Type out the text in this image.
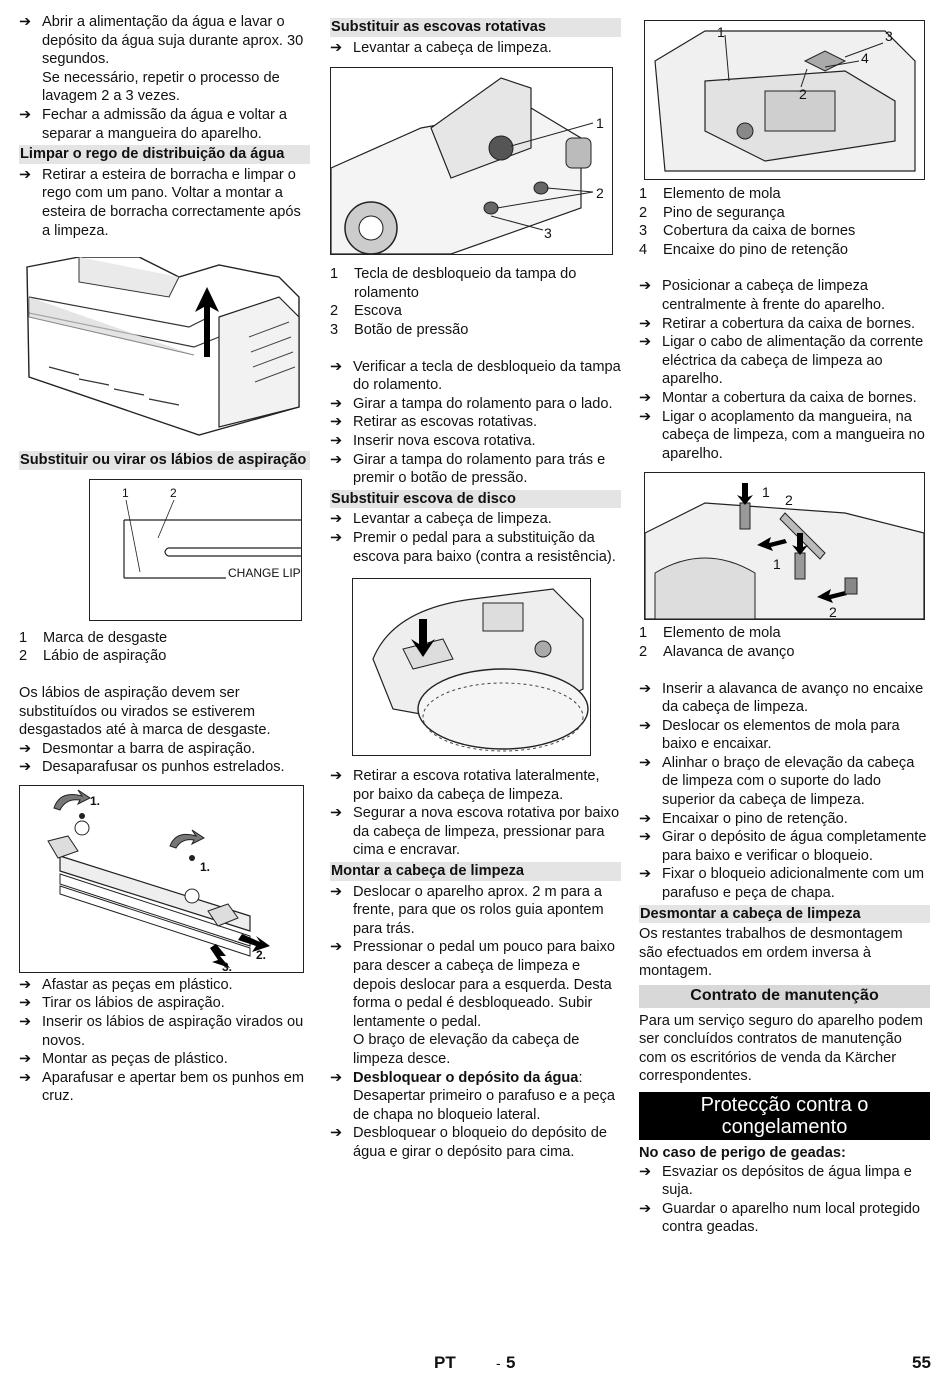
➔ Abrir a alimentação da água e lavar o depósito da água suja durante aprox. 30 segundos.
Se necessário, repetir o processo de lavagem 2 a 3 vezes.
➔ Fechar a admissão da água e voltar a separar a mangueira do aparelho.
Limpar o rego de distribuição da água
➔ Retirar a esteira de borracha e limpar o rego com um pano. Voltar a montar a esteira de borracha correctamente após a limpeza.
Substituir ou virar os lábios de aspiração
1	2
CHANGE LIP
1 Marca de desgaste
2 Lábio de aspiração
Os lábios de aspiração devem ser substituídos ou virados se estiverem desgastados até à marca de desgaste.
➔ Desmontar a barra de aspiração.
➔ Desaparafusar os punhos estrelados.
1.
1.
2.
3.
➔ Afastar as peças em plástico.
➔ Tirar os lábios de aspiração.
➔ Inserir os lábios de aspiração virados ou novos.
➔ Montar as peças de plástico.
➔ Aparafusar e apertar bem os punhos em cruz.
Substituir as escovas rotativas
➔ Levantar a cabeça de limpeza.
1
2
3
1 Tecla de desbloqueio da tampa do rolamento
2 Escova
3 Botão de pressão
➔ Verificar a tecla de desbloqueio da tampa do rolamento.
➔ Girar a tampa do rolamento para o lado.
➔ Retirar as escovas rotativas.
➔ Inserir nova escova rotativa.
➔ Girar a tampa do rolamento para trás e premir o botão de pressão.
Substituir escova de disco
➔ Levantar a cabeça de limpeza.
➔ Premir o pedal para a substituição da escova para baixo (contra a resistência).
➔ Retirar a escova rotativa lateralmente, por baixo da cabeça de limpeza.
➔ Segurar a nova escova rotativa por baixo da cabeça de limpeza, pressionar para cima e encravar.
Montar a cabeça de limpeza
➔ Deslocar o aparelho aprox. 2 m para a frente, para que os rolos guia apontem para trás.
➔ Pressionar o pedal um pouco para baixo para descer a cabeça de limpeza e depois deslocar para a esquerda. Desta forma o pedal é desbloqueado. Subir lentamente o pedal.
O braço de elevação da cabeça de limpeza desce.
➔ Desbloquear o depósito da água: Desapertar primeiro o parafuso e a peça de chapa no bloqueio lateral.
➔ Desbloquear o bloqueio do depósito de água e girar o depósito para cima.
1	3
4
2
1 Elemento de mola
2 Pino de segurança
3 Cobertura da caixa de bornes
4 Encaixe do pino de retenção
➔ Posicionar a cabeça de limpeza centralmente à frente do aparelho.
➔ Retirar a cobertura da caixa de bornes.
➔ Ligar o cabo de alimentação da corrente eléctrica da cabeça de limpeza ao aparelho.
➔ Montar a cobertura da caixa de bornes.
➔ Ligar o acoplamento da mangueira, na cabeça de limpeza, com a mangueira no aparelho.
1 2
1
2
1 Elemento de mola
2 Alavanca de avanço
➔ Inserir a alavanca de avanço no encaixe da cabeça de limpeza.
➔ Deslocar os elementos de mola para baixo e encaixar.
➔ Alinhar o braço de elevação da cabeça de limpeza com o suporte do lado superior da cabeça de limpeza.
➔ Encaixar o pino de retenção.
➔ Girar o depósito de água completamente para baixo e verificar o bloqueio.
➔ Fixar o bloqueio adicionalmente com um parafuso e peça de chapa.
Desmontar a cabeça de limpeza
Os restantes trabalhos de desmontagem são efectuados em ordem inversa à montagem.
Contrato de manutenção
Para um serviço seguro do aparelho podem ser concluídos contratos de manutenção com os escritórios de venda da Kärcher correspondentes.
Protecção contra o congelamento
No caso de perigo de geadas:
➔ Esvaziar os depósitos de água limpa e suja.
➔ Guardar o aparelho num local protegido contra geadas.
PT	- 5	55
